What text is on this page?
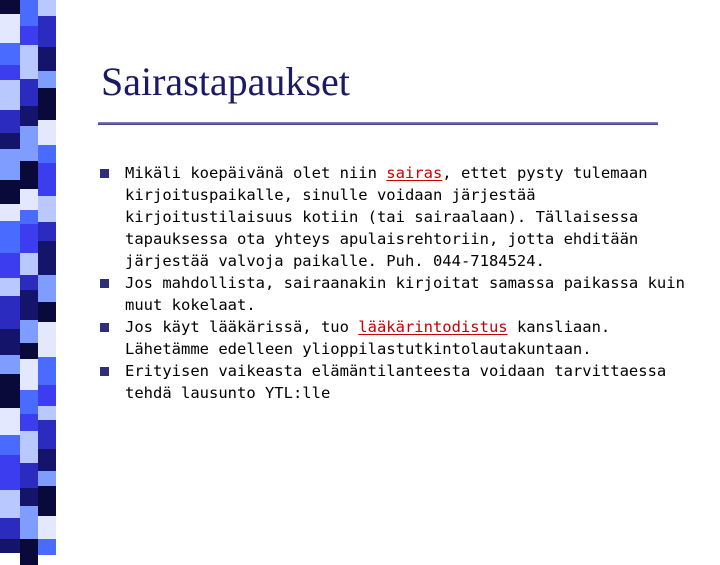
Sairastapaukset
Mikäli koepäivänä olet niin sairas, ettet pysty tulemaan kirjoituspaikalle, sinulle voidaan järjestää kirjoitustilaisuus kotiin (tai sairaalaan). Tällaisessa tapauksessa ota yhteys apulaisrehtoriin, jotta ehditään järjestää valvoja paikalle. Puh. 044-7184524.
Jos mahdollista, sairaanakin kirjoitat samassa paikassa kuin muut kokelaat.
Jos käyt lääkärissä, tuo lääkärintodistus kansliaan. Lähetämme edelleen ylioppilastutkintolautakuntaan.
Erityisen vaikeasta elämäntilanteesta voidaan tarvittaessa tehdä lausunto YTL:lle
